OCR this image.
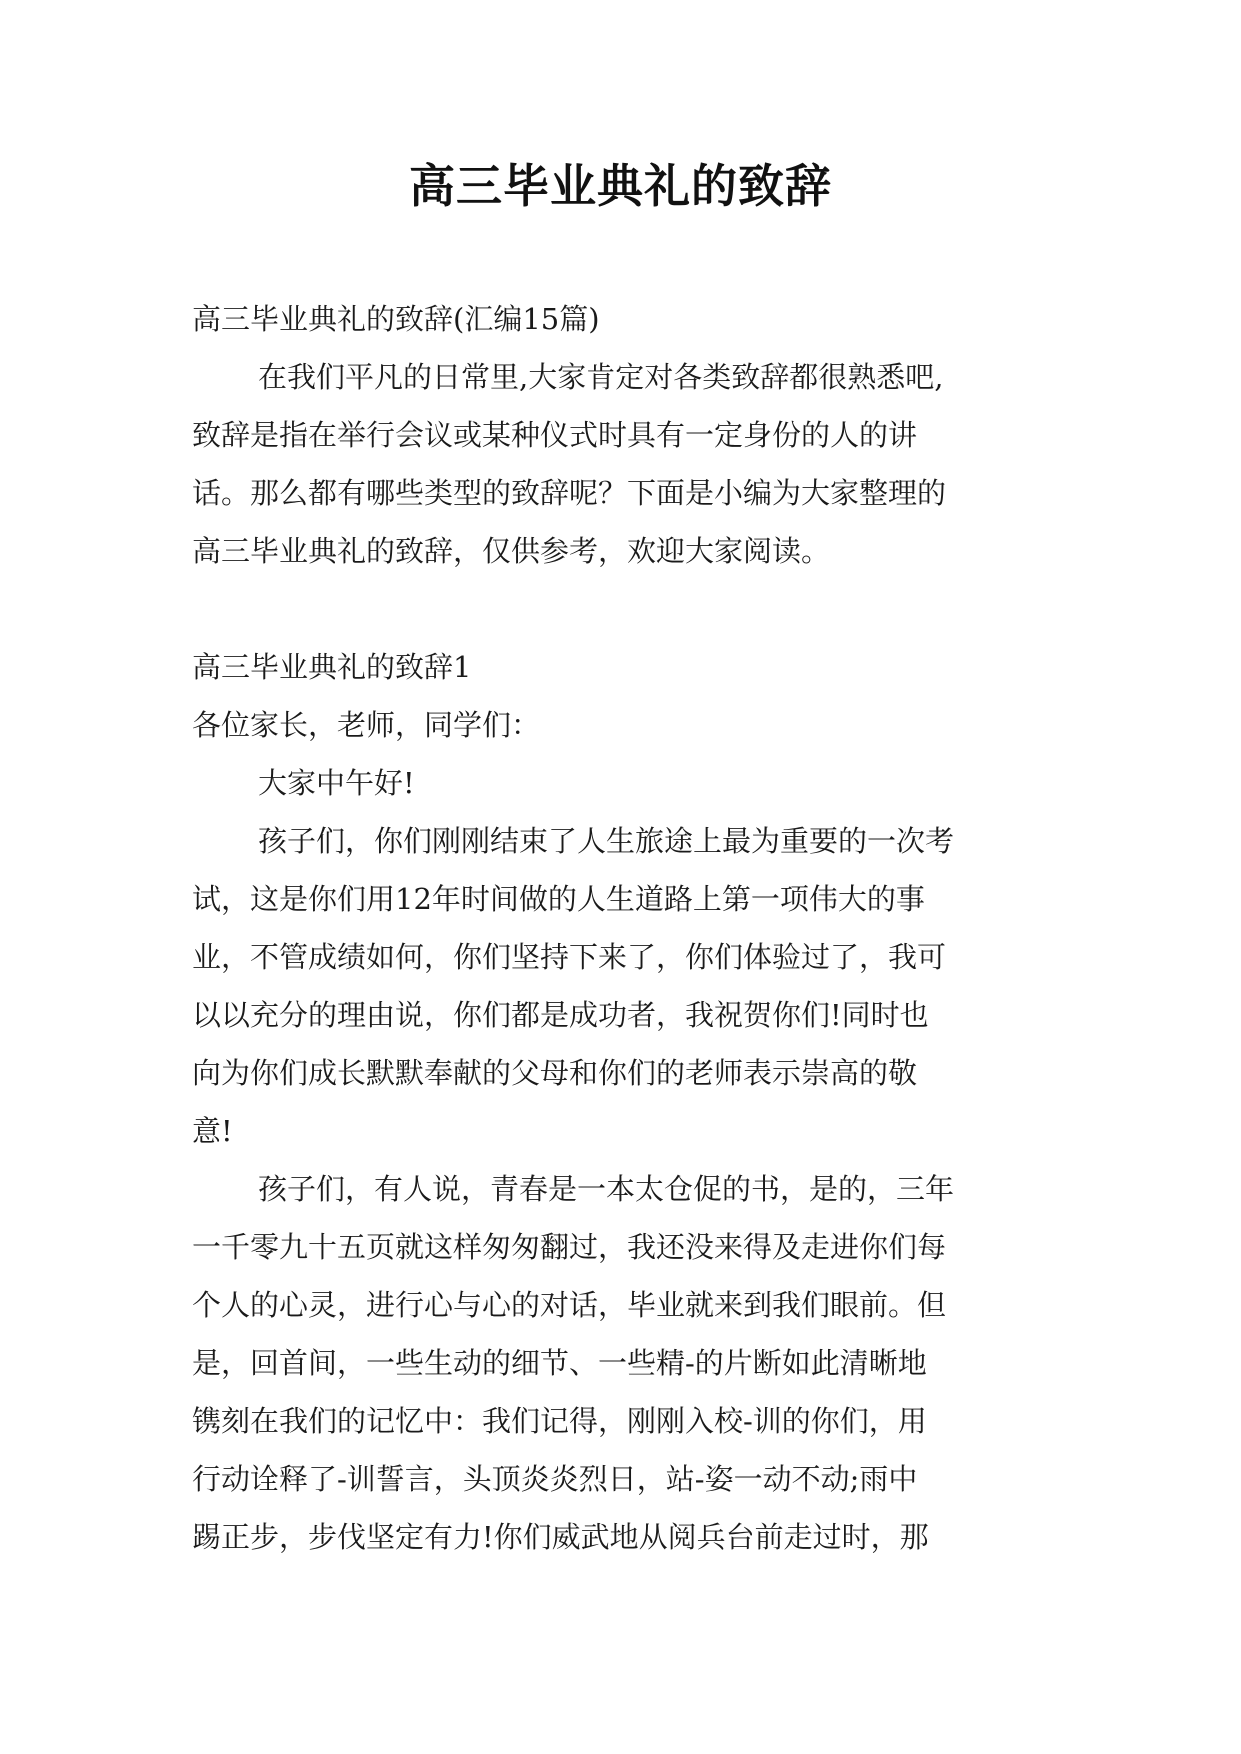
高三毕业典礼的致辞
高三毕业典礼的致辞(汇编15篇)
在我们平凡的日常里,大家肯定对各类致辞都很熟悉吧,
致辞是指在举行会议或某种仪式时具有一定身份的人的讲
话。那么都有哪些类型的致辞呢？下面是小编为大家整理的
高三毕业典礼的致辞，仅供参考，欢迎大家阅读。
高三毕业典礼的致辞1
各位家长，老师，同学们：
大家中午好!
孩子们，你们刚刚结束了人生旅途上最为重要的一次考
试，这是你们用12年时间做的人生道路上第一项伟大的事
业，不管成绩如何，你们坚持下来了，你们体验过了，我可
以以充分的理由说，你们都是成功者，我祝贺你们!同时也
向为你们成长默默奉献的父母和你们的老师表示崇高的敬
意!
孩子们，有人说，青春是一本太仓促的书，是的，三年
一千零九十五页就这样匆匆翻过，我还没来得及走进你们每
个人的心灵，进行心与心的对话，毕业就来到我们眼前。但
是，回首间，一些生动的细节、一些精-的片断如此清晰地
镌刻在我们的记忆中：我们记得，刚刚入校-训的你们，用
行动诠释了-训誓言，头顶炎炎烈日，站-姿一动不动;雨中
踢正步，步伐坚定有力!你们威武地从阅兵台前走过时，那
